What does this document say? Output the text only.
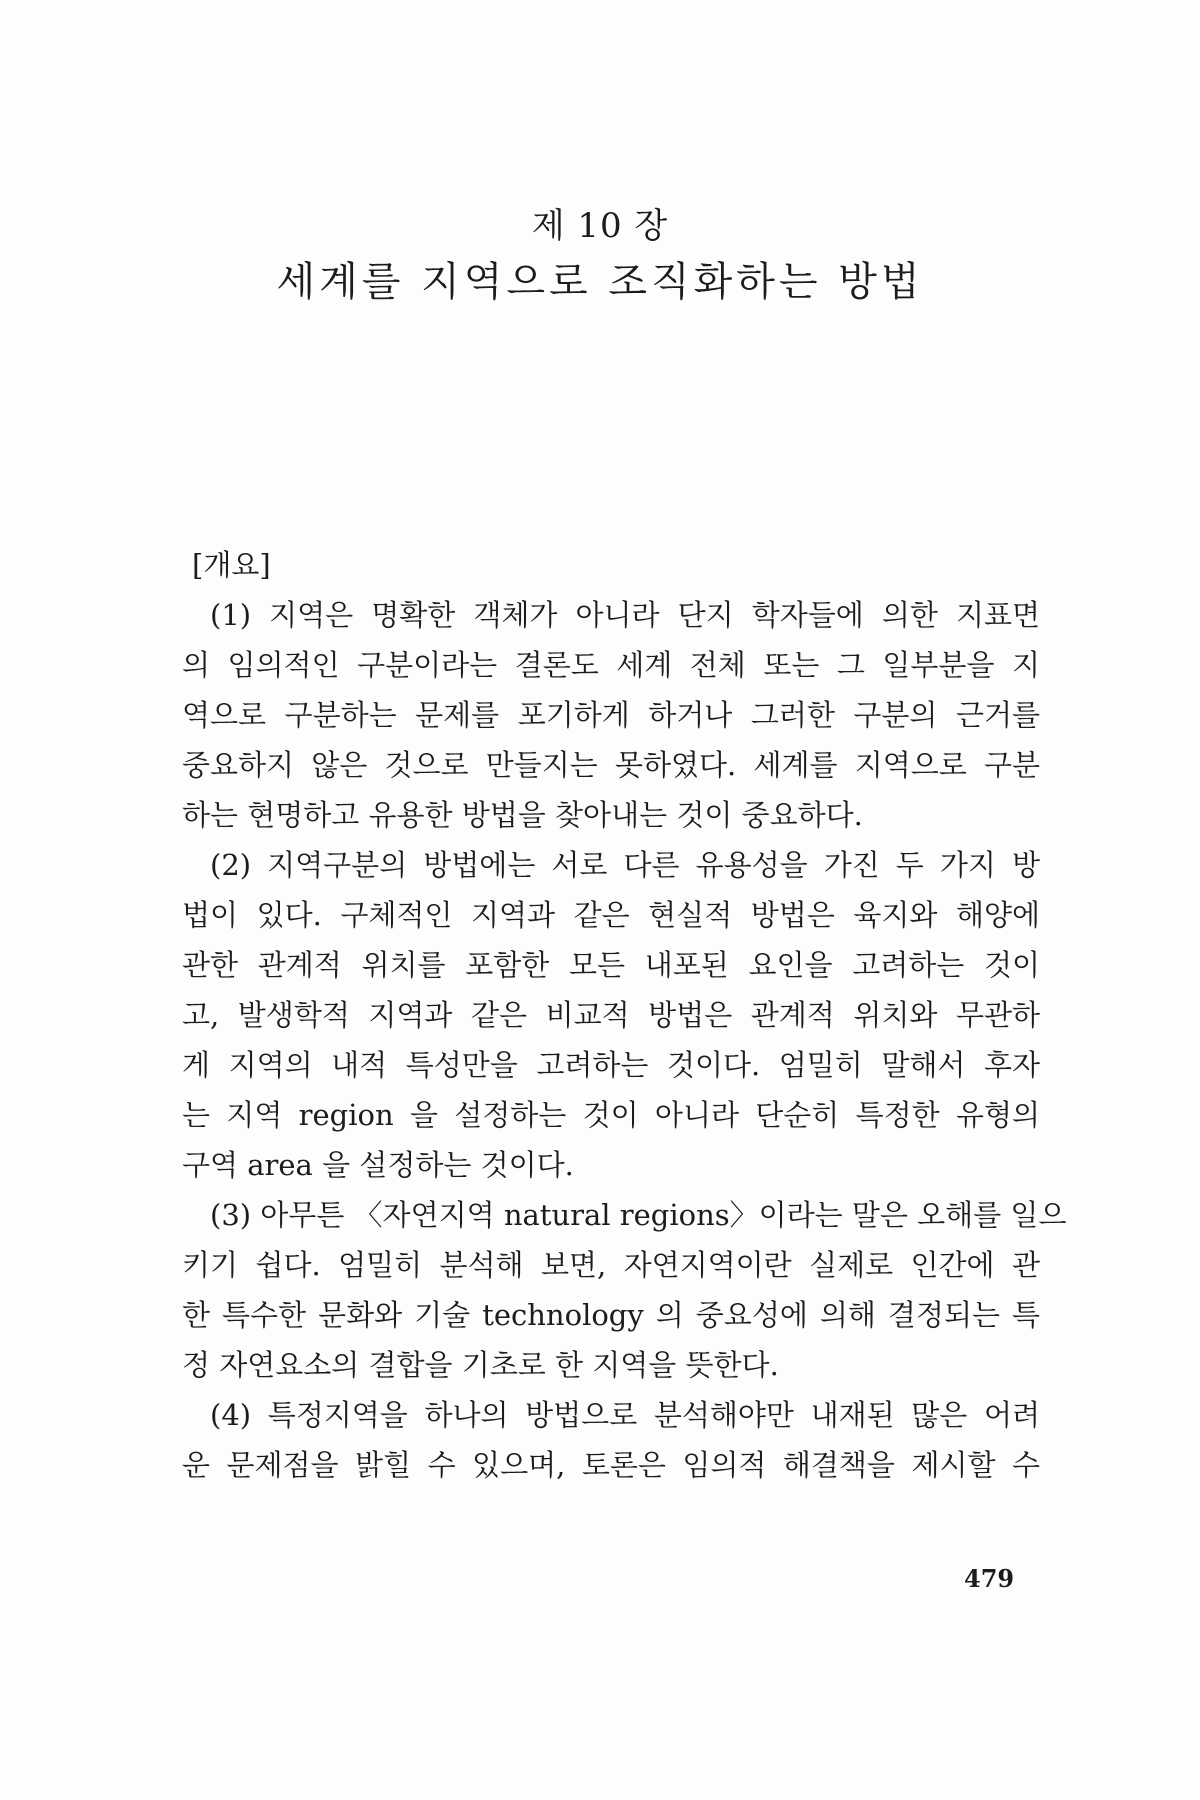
제 10 장
세계를 지역으로 조직화하는 방법
[개요]
(1) 지역은 명확한 객체가 아니라 단지 학자들에 의한 지표면
의 임의적인 구분이라는 결론도 세계 전체 또는 그 일부분을 지
역으로 구분하는 문제를 포기하게 하거나 그러한 구분의 근거를
중요하지 않은 것으로 만들지는 못하였다. 세계를 지역으로 구분
하는 현명하고 유용한 방법을 찾아내는 것이 중요하다.
(2) 지역구분의 방법에는 서로 다른 유용성을 가진 두 가지 방
법이 있다. 구체적인 지역과 같은 현실적 방법은 육지와 해양에
관한 관계적 위치를 포함한 모든 내포된 요인을 고려하는 것이
고, 발생학적 지역과 같은 비교적 방법은 관계적 위치와 무관하
게 지역의 내적 특성만을 고려하는 것이다. 엄밀히 말해서 후자
는 지역 region 을 설정하는 것이 아니라 단순히 특정한 유형의
구역 area 을 설정하는 것이다.
(3) 아무튼 〈자연지역 natural regions〉이라는 말은 오해를 일으
키기 쉽다. 엄밀히 분석해 보면, 자연지역이란 실제로 인간에 관
한 특수한 문화와 기술 technology 의 중요성에 의해 결정되는 특
정 자연요소의 결합을 기초로 한 지역을 뜻한다.
(4) 특정지역을 하나의 방법으로 분석해야만 내재된 많은 어려
운 문제점을 밝힐 수 있으며, 토론은 임의적 해결책을 제시할 수
479
